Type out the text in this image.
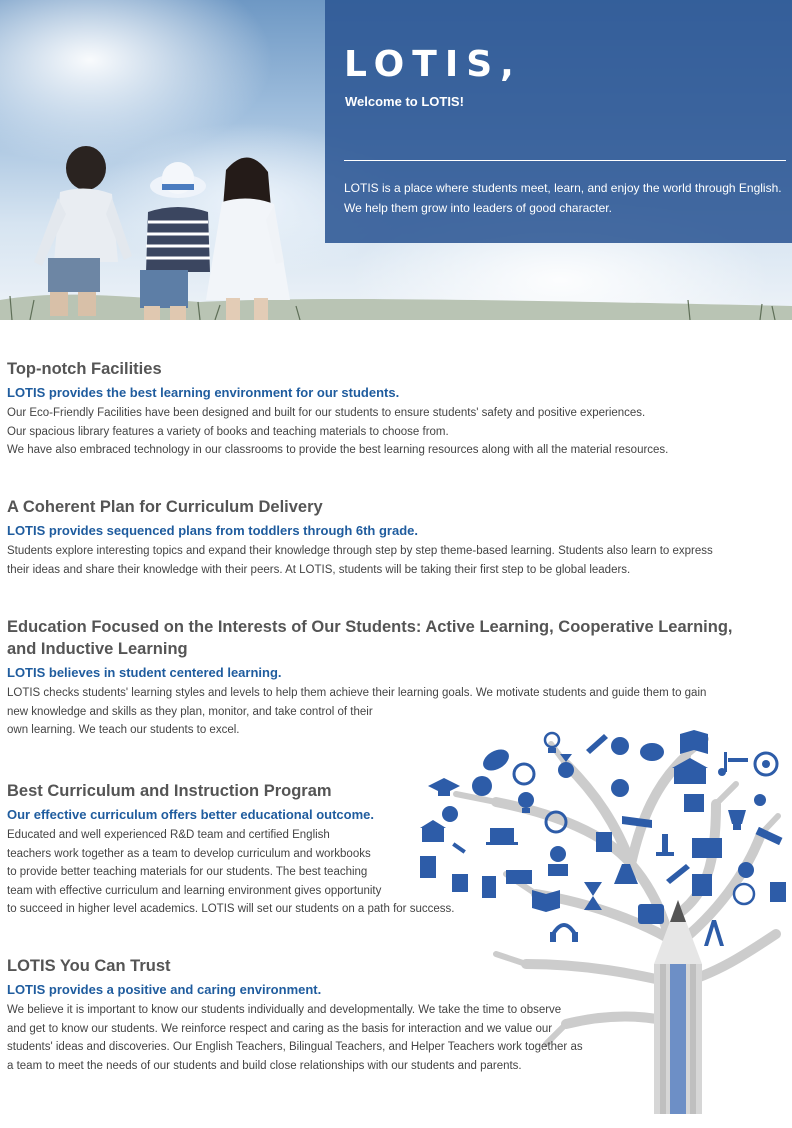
LOTIS,

Welcome to LOTIS!

LOTIS is a place where students meet, learn, and enjoy the world through English.
We help them grow into leaders of good character.

Top-notch Facilities
LOTIS provides the best learning environment for our students.

Our Eco-Friendly Facilities have been designed and built for our students to ensure students' safety and positive experiences.
Our spacious library features a variety of books and teaching materials to choose from.
We have also embraced technology in our classrooms to provide the best learning resources along with all the material resources.

A Coherent Plan for Curriculum Delivery
LOTIS provides sequenced plans from toddlers through 6th grade.

Students explore interesting topics and expand their knowledge through step by step theme-based learning. Students also learn to express
their ideas and share their knowledge with their peers. At LOTIS, students will be taking their first step to be global leaders.

Education Focused on the Interests of Our Students: Active Learning, Cooperative Learning,
and Inductive Learning
LOTIS believes in student centered learning.

LOTIS checks students' learning styles and levels to help them achieve their learning goals. We motivate students and guide them to gain
new knowledge and skills as they plan, monitor, and take control of their
own learning. We teach our students to excel.

Best Curriculum and Instruction Program
Our effective curriculum offers better educational outcome.

Educated and well experienced R&D team and certified English
teachers work together as a team to develop curriculum and workbooks
to provide better teaching materials for our students. The best teaching
team with effective curriculum and learning environment gives opportunity
to succeed in higher level academics. LOTIS will set our students on a path for success.

LOTIS You Can Trust
LOTIS provides a positive and caring environment.

We believe it is important to know our students individually and developmentally. We take the time to observe
and get to know our students. We reinforce respect and caring as the basis for interaction and we value our
students' ideas and discoveries. Our English Teachers, Bilingual Teachers, and Helper Teachers work together as
a team to meet the needs of our students and build close relationships with our students and parents.
